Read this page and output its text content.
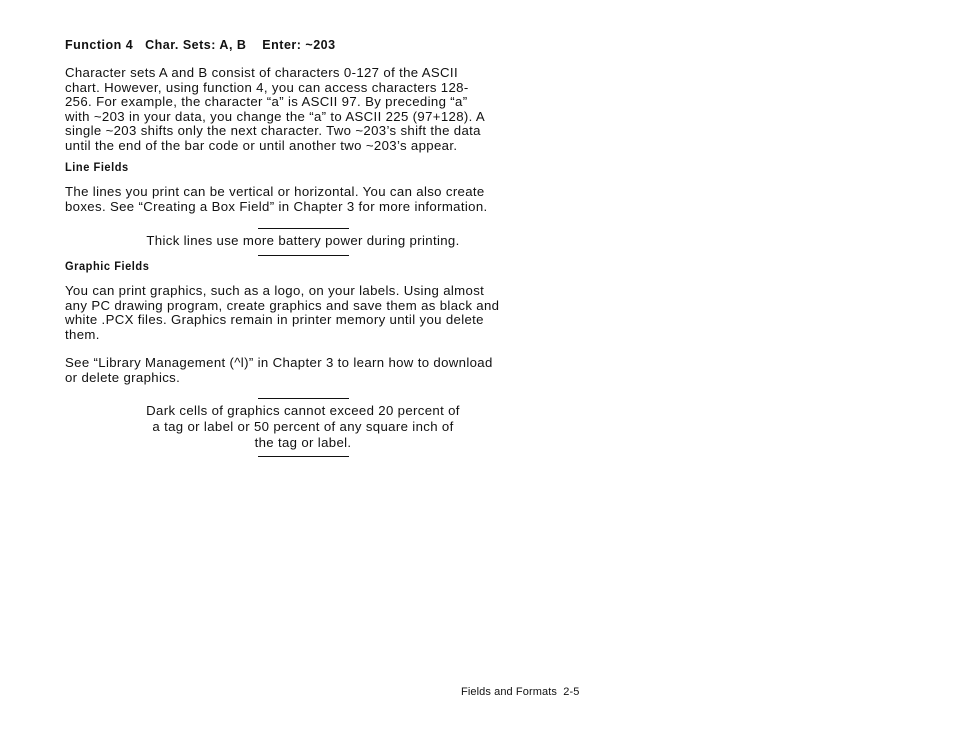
Function 4   Char. Sets: A, B    Enter: ~203
Character sets A and B consist of characters 0-127 of the ASCII
chart. However, using function 4, you can access characters 128-
256. For example, the character “a” is ASCII 97. By preceding “a”
with ~203 in your data, you change the “a” to ASCII 225 (97+128). A
single ~203 shifts only the next character. Two ~203’s shift the data
until the end of the bar code or until another two ~203’s appear.
Line Fields
The lines you print can be vertical or horizontal. You can also create
boxes. See “Creating a Box Field” in Chapter 3 for more information.
Thick lines use more battery power during printing.
Graphic Fields
You can print graphics, such as a logo, on your labels. Using almost
any PC drawing program, create graphics and save them as black and
white .PCX files. Graphics remain in printer memory until you delete
them.
See “Library Management (^l)” in Chapter 3 to learn how to download
or delete graphics.
Dark cells of graphics cannot exceed 20 percent of
a tag or label or 50 percent of any square inch of
the tag or label.
Fields and Formats  2-5
